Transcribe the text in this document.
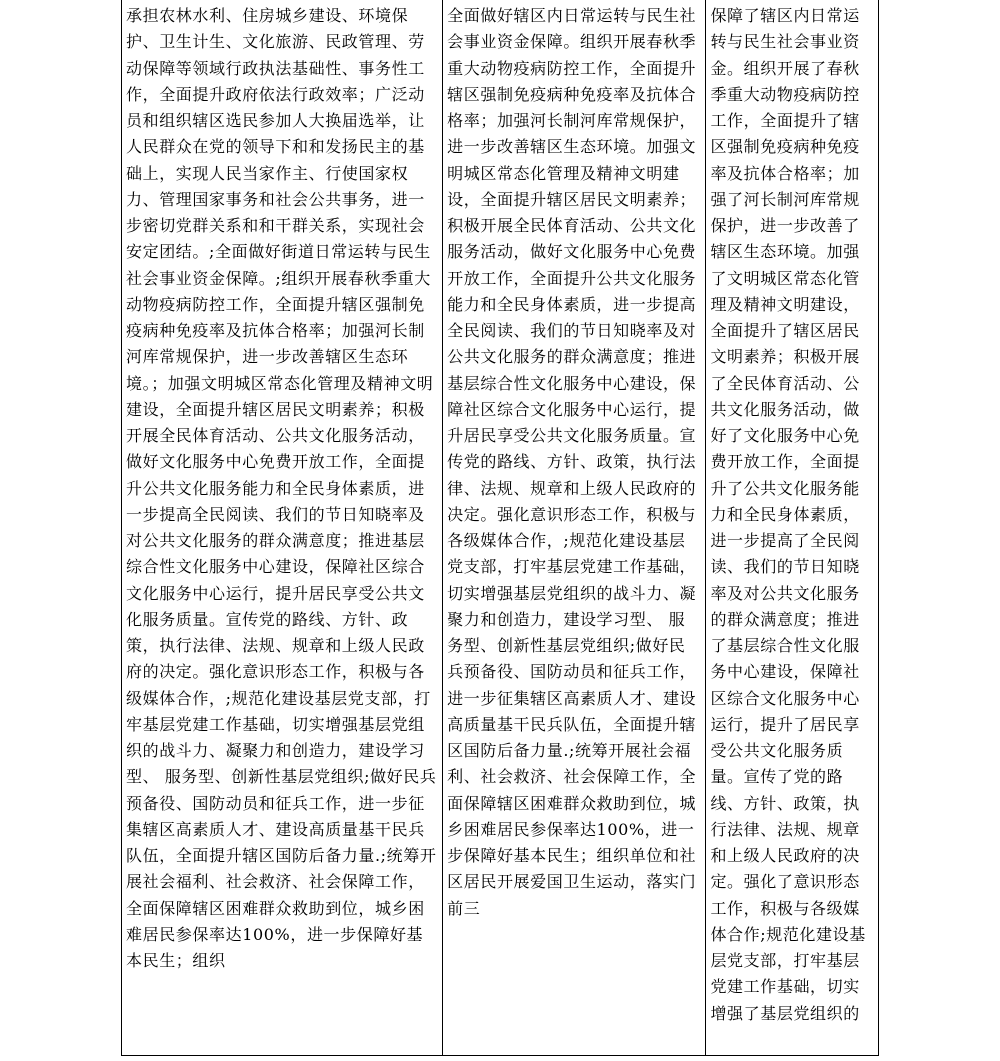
承担农林水利、住房城乡建设、环境保护、卫生计生、文化旅游、民政管理、劳动保障等领域行政执法基础性、事务性工作，全面提升政府依法行政效率；广泛动员和组织辖区选民参加人大换届选举，让人民群众在党的领导下和和发扬民主的基础上，实现人民当家作主、行使国家权力、管理国家事务和社会公共事务，进一步密切党群关系和和干群关系，实现社会安定团结。;全面做好街道日常运转与民生社会事业资金保障。;组织开展春秋季重大动物疫病防控工作，全面提升辖区强制免疫病种免疫率及抗体合格率；加强河长制河库常规保护，进一步改善辖区生态环境。；加强文明城区常态化管理及精神文明建设，全面提升辖区居民文明素养；积极开展全民体育活动、公共文化服务活动，做好文化服务中心免费开放工作，全面提升公共文化服务能力和全民身体素质，进一步提高全民阅读、我们的节日知晓率及对公共文化服务的群众满意度；推进基层综合性文化服务中心建设，保障社区综合文化服务中心运行，提升居民享受公共文化服务质量。宣传党的路线、方针、政策，执行法律、法规、规章和上级人民政府的决定。强化意识形态工作，积极与各级媒体合作，;规范化建设基层党支部，打牢基层党建工作基础，切实增强基层党组织的战斗力、凝聚力和创造力，建设学习型、 服务型、创新性基层党组织;做好民兵预备役、国防动员和征兵工作，进一步征集辖区高素质人才、建设高质量基干民兵队伍，全面提升辖区国防后备力量.;统筹开展社会福利、社会救济、社会保障工作，全面保障辖区困难群众救助到位，城乡困难居民参保率达100%，进一步保障好基本民生；组织

全面做好辖区内日常运转与民生社会事业资金保障。组织开展春秋季重大动物疫病防控工作，全面提升辖区强制免疫病种免疫率及抗体合格率；加强河长制河库常规保护，进一步改善辖区生态环境。加强文明城区常态化管理及精神文明建设，全面提升辖区居民文明素养；积极开展全民体育活动、公共文化服务活动，做好文化服务中心免费开放工作，全面提升公共文化服务能力和全民身体素质，进一步提高全民阅读、我们的节日知晓率及对公共文化服务的群众满意度；推进基层综合性文化服务中心建设，保障社区综合文化服务中心运行，提升居民享受公共文化服务质量。宣传党的路线、方针、政策，执行法律、法规、规章和上级人民政府的决定。强化意识形态工作，积极与各级媒体合作，;规范化建设基层党支部，打牢基层党建工作基础，切实增强基层党组织的战斗力、凝聚力和创造力，建设学习型、 服务型、创新性基层党组织;做好民兵预备役、国防动员和征兵工作，进一步征集辖区高素质人才、建设高质量基干民兵队伍，全面提升辖区国防后备力量.;统筹开展社会福利、社会救济、社会保障工作，全面保障辖区困难群众救助到位，城乡困难居民参保率达100%，进一步保障好基本民生；组织单位和社区居民开展爱国卫生运动，落实门前三

保障了辖区内日常运转与民生社会事业资金。组织开展了春秋季重大动物疫病防控工作，全面提升了辖区强制免疫病种免疫率及抗体合格率；加强了河长制河库常规保护，进一步改善了辖区生态环境。加强了文明城区常态化管理及精神文明建设，全面提升了辖区居民文明素养；积极开展了全民体育活动、公共文化服务活动，做好了文化服务中心免费开放工作，全面提升了公共文化服务能力和全民身体素质，进一步提高了全民阅读、我们的节日知晓率及对公共文化服务的群众满意度；推进了基层综合性文化服务中心建设，保障社区综合文化服务中心运行，提升了居民享受公共文化服务质量。宣传了党的路线、方针、政策，执行法律、法规、规章和上级人民政府的决定。强化了意识形态工作，积极与各级媒体合作;规范化建设基层党支部，打牢基层党建工作基础，切实增强了基层党组织的
